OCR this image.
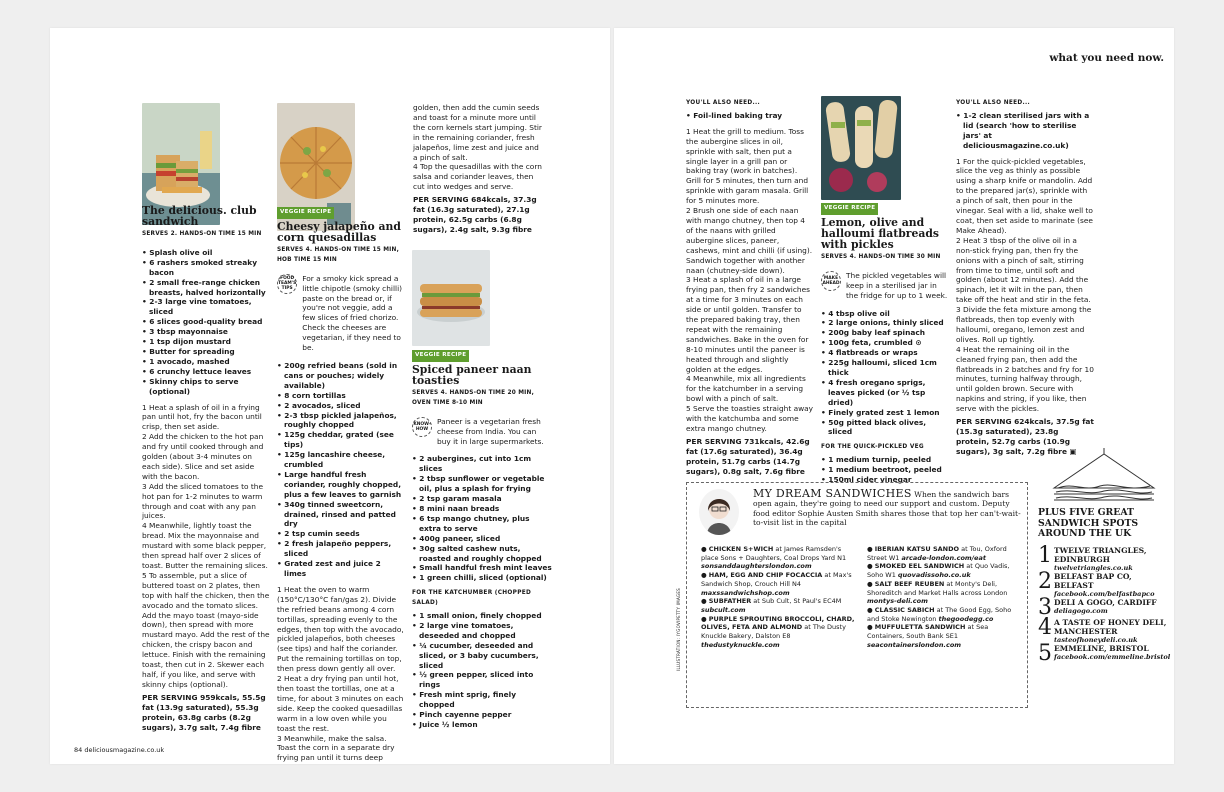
The delicious. club sandwich
SERVES 2. HANDS-ON TIME 15 MIN
• Splash olive oil
• 6 rashers smoked streaky bacon
• 2 small free-range chicken breasts, halved horizontally
• 2-3 large vine tomatoes, sliced
• 6 slices good-quality bread
• 3 tbsp mayonnaise
• 1 tsp dijon mustard
• Butter for spreading
• 1 avocado, mashed
• 6 crunchy lettuce leaves
• Skinny chips to serve (optional)

1 Heat a splash of oil in a frying pan until hot, fry the bacon until crisp, then set aside.
2 Add the chicken to the hot pan and fry until cooked through and golden (about 3-4 minutes on each side). Slice and set aside with the bacon.
3 Add the sliced tomatoes to the hot pan for 1-2 minutes to warm through and coat with any pan juices.
4 Meanwhile, lightly toast the bread. Mix the mayonnaise and mustard with some black pepper, then spread half over 2 slices of toast. Butter the remaining slices.
5 To assemble, put a slice of buttered toast on 2 plates, then top with half the chicken, then the avocado and the tomato slices. Add the mayo toast (mayo-side down), then spread with more mustard mayo. Add the rest of the chicken, the crispy bacon and lettuce. Finish with the remaining toast, then cut in 2. Skewer each half, if you like, and serve with skinny chips (optional).

PER SERVING 959kcals, 55.5g fat (13.9g saturated), 55.3g protein, 63.8g carbs (8.2g sugars), 3.7g salt, 7.4g fibre

VEGGIE RECIPE
Cheesy jalapeño and corn quesadillas
SERVES 4. HANDS-ON TIME 15 MIN, HOB TIME 15 MIN
FOOD TEAM'S TIPS
For a smoky kick spread a little chipotle (smoky chilli) paste on the bread or, if you're not veggie, add a few slices of fried chorizo. Check the cheeses are vegetarian, if they need to be.
• 200g refried beans (sold in cans or pouches; widely available)
• 8 corn tortillas
• 2 avocados, sliced
• 2-3 tbsp pickled jalapeños, roughly chopped
• 125g cheddar, grated (see tips)
• 125g lancashire cheese, crumbled
• Large handful fresh coriander, roughly chopped, plus a few leaves to garnish
• 340g tinned sweetcorn, drained, rinsed and patted dry
• 2 tsp cumin seeds
• 2 fresh jalapeño peppers, sliced
• Grated zest and juice 2 limes

1 Heat the oven to warm (150°C/130°C fan/gas 2). Divide the refried beans among 4 corn tortillas, spreading evenly to the edges, then top with the avocado, pickled jalapeños, both cheeses (see tips) and half the coriander. Put the remaining tortillas on top, then press down gently all over.
2 Heat a dry frying pan until hot, then toast the tortillas, one at a time, for about 3 minutes on each side. Keep the cooked quesadillas warm in a low oven while you toast the rest.
3 Meanwhile, make the salsa. Toast the corn in a separate dry frying pan until it turns deep

golden, then add the cumin seeds and toast for a minute more until the corn kernels start jumping. Stir in the remaining coriander, fresh jalapeños, lime zest and juice and a pinch of salt.
4 Top the quesadillas with the corn salsa and coriander leaves, then cut into wedges and serve.

PER SERVING 684kcals, 37.3g fat (16.3g saturated), 27.1g protein, 62.5g carbs (6.8g sugars), 2.4g salt, 9.3g fibre

VEGGIE RECIPE
Spiced paneer naan toasties
SERVES 4. HANDS-ON TIME 20 MIN, OVEN TIME 8-10 MIN
KNOW-HOW
Paneer is a vegetarian fresh cheese from India. You can buy it in large supermarkets.
• 2 aubergines, cut into 1cm slices
• 2 tbsp sunflower or vegetable oil, plus a splash for frying
• 2 tsp garam masala
• 8 mini naan breads
• 6 tsp mango chutney, plus extra to serve
• 400g paneer, sliced
• 30g salted cashew nuts, roasted and roughly chopped
• Small handful fresh mint leaves
• 1 green chilli, sliced (optional)
FOR THE KATCHUMBER (CHOPPED SALAD)
• 1 small onion, finely chopped
• 2 large vine tomatoes, deseeded and chopped
• ¼ cucumber, deseeded and sliced, or 3 baby cucumbers, sliced
• ½ green pepper, sliced into rings
• Fresh mint sprig, finely chopped
• Pinch cayenne pepper
• Juice ½ lemon
84 deliciousmagazine.co.uk
what you need now.
YOU'LL ALSO NEED...
• Foil-lined baking tray

1 Heat the grill to medium. Toss the aubergine slices in oil, sprinkle with salt, then put a single layer in a grill pan or baking tray (work in batches). Grill for 5 minutes, then turn and sprinkle with garam masala. Grill for 5 minutes more.
2 Brush one side of each naan with mango chutney, then top 4 of the naans with grilled aubergine slices, paneer, cashews, mint and chilli (if using). Sandwich together with another naan (chutney-side down).
3 Heat a splash of oil in a large frying pan, then fry 2 sandwiches at a time for 3 minutes on each side or until golden. Transfer to the prepared baking tray, then repeat with the remaining sandwiches. Bake in the oven for 8-10 minutes until the paneer is heated through and slightly golden at the edges.
4 Meanwhile, mix all ingredients for the katchumber in a serving bowl with a pinch of salt.
5 Serve the toasties straight away with the katchumba and some extra mango chutney.

PER SERVING 731kcals, 42.6g fat (17.6g saturated), 36.4g protein, 51.7g carbs (14.7g sugars), 0.8g salt, 7.6g fibre

VEGGIE RECIPE
Lemon, olive and halloumi flatbreads with pickles
SERVES 4. HANDS-ON TIME 30 MIN
MAKE AHEAD
The pickled vegetables will keep in a sterilised jar in the fridge for up to 1 week.
• 4 tbsp olive oil
• 2 large onions, thinly sliced
• 200g baby leaf spinach
• 100g feta, crumbled ⊙
• 4 flatbreads or wraps
• 225g halloumi, sliced 1cm thick
• 4 fresh oregano sprigs, leaves picked (or ½ tsp dried)
• Finely grated zest 1 lemon
• 50g pitted black olives, sliced
FOR THE QUICK-PICKLED VEG
• 1 medium turnip, peeled
• 1 medium beetroot, peeled
• 150ml cider vinegar
YOU'LL ALSO NEED...
• 1-2 clean sterilised jars with a lid (search 'how to sterilise jars' at deliciousmagazine.co.uk)

1 For the quick-pickled vegetables, slice the veg as thinly as possible using a sharp knife or mandolin. Add to the prepared jar(s), sprinkle with a pinch of salt, then pour in the vinegar. Seal with a lid, shake well to coat, then set aside to marinate (see Make Ahead).
2 Heat 3 tbsp of the olive oil in a non-stick frying pan, then fry the onions with a pinch of salt, stirring from time to time, until soft and golden (about 12 minutes). Add the spinach, let it wilt in the pan, then take off the heat and stir in the feta.
3 Divide the feta mixture among the flatbreads, then top evenly with halloumi, oregano, lemon zest and olives. Roll up tightly.
4 Heat the remaining oil in the cleaned frying pan, then add the flatbreads in 2 batches and fry for 10 minutes, turning halfway through, until golden brown. Secure with napkins and string, if you like, then serve with the pickles.

PER SERVING 624kcals, 37.5g fat (15.3g saturated), 23.8g protein, 52.7g carbs (10.9g sugars), 3g salt, 7.2g fibre ▣

MY DREAM SANDWICHES When the sandwich bars open again, they're going to need our support and custom. Deputy food editor Sophie Austen Smith shares those that top her can't-wait-to-visit list in the capital
● CHICKEN S+WICH at James Ramsden's place Sons + Daughters, Coal Drops Yard N1 sonsanddaughterslondon.com
● HAM, EGG AND CHIP FOCACCIA at Max's Sandwich Shop, Crouch Hill N4 maxssandwichshop.com
● SUBFATHER at Sub Cult, St Paul's EC4M subcult.com
● PURPLE SPROUTING BROCCOLI, CHARD, OLIVES, FETA AND ALMOND at The Dusty Knuckle Bakery, Dalston E8 thedustyknuckle.com
● IBERIAN KATSU SANDO at Tou, Oxford Street W1 arcade-london.com/eat
● SMOKED EEL SANDWICH at Quo Vadis, Soho W1 quovadissoho.co.uk
● SALT BEEF REUBEN at Monty's Deli, Shoreditch and Market Halls across London montys-deli.com
● CLASSIC SABICH at The Good Egg, Soho and Stoke Newington thegoodegg.co
● MUFFULETTA SANDWICH at Sea Containers, South Bank SE1 seacontainerslondon.com
ILLUSTRATION: IYGOVIPETTY IMAGES
PLUS FIVE GREAT SANDWICH SPOTS AROUND THE UK
1 TWELVE TRIANGLES, EDINBURGH
twelvetriangles.co.uk
2 BELFAST BAP CO, BELFAST
facebook.com/belfastbapco
3 DELI A GOGO, CARDIFF
deliagogo.com
4 A TASTE OF HONEY DELI, MANCHESTER
tasteofhoneydeli.co.uk
5 EMMELINE, BRISTOL
facebook.com/emmeline.bristol
